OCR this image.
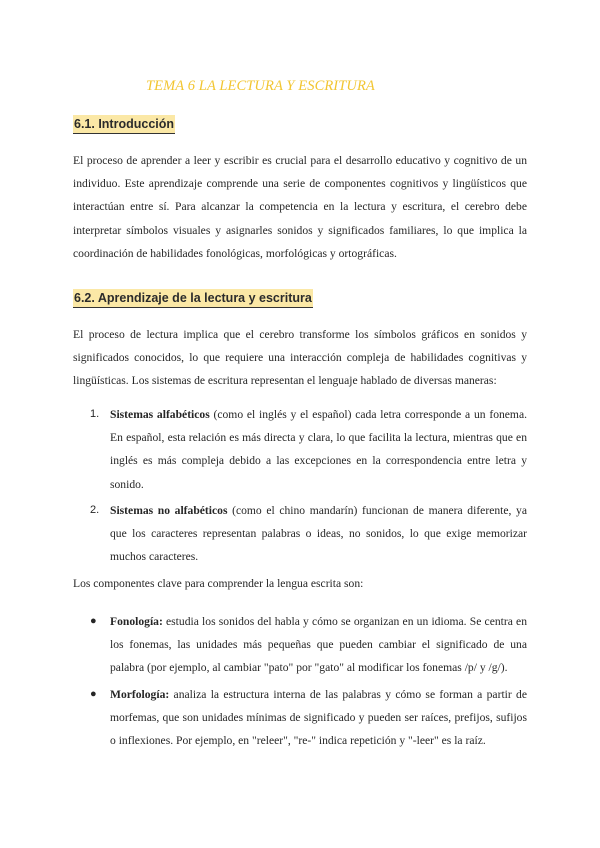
TEMA 6 LA LECTURA Y ESCRITURA
6.1. Introducción

El proceso de aprender a leer y escribir es crucial para el desarrollo educativo y cognitivo de un individuo. Este aprendizaje comprende una serie de componentes cognitivos y lingüísticos que interactúan entre sí. Para alcanzar la competencia en la lectura y escritura, el cerebro debe interpretar símbolos visuales y asignarles sonidos y significados familiares, lo que implica la coordinación de habilidades fonológicas, morfológicas y ortográficas.

6.2. Aprendizaje de la lectura y escritura

El proceso de lectura implica que el cerebro transforme los símbolos gráficos en sonidos y significados conocidos, lo que requiere una interacción compleja de habilidades cognitivas y lingüísticas. Los sistemas de escritura representan el lenguaje hablado de diversas maneras:

1. Sistemas alfabéticos (como el inglés y el español) cada letra corresponde a un fonema. En español, esta relación es más directa y clara, lo que facilita la lectura, mientras que en inglés es más compleja debido a las excepciones en la correspondencia entre letra y sonido.
2. Sistemas no alfabéticos (como el chino mandarín) funcionan de manera diferente, ya que los caracteres representan palabras o ideas, no sonidos, lo que exige memorizar muchos caracteres.

Los componentes clave para comprender la lengua escrita son:

● Fonología: estudia los sonidos del habla y cómo se organizan en un idioma. Se centra en los fonemas, las unidades más pequeñas que pueden cambiar el significado de una palabra (por ejemplo, al cambiar "pato" por "gato" al modificar los fonemas /p/ y /g/).
● Morfología: analiza la estructura interna de las palabras y cómo se forman a partir de morfemas, que son unidades mínimas de significado y pueden ser raíces, prefijos, sufijos o inflexiones. Por ejemplo, en "releer", "re-" indica repetición y "-leer" es la raíz.
